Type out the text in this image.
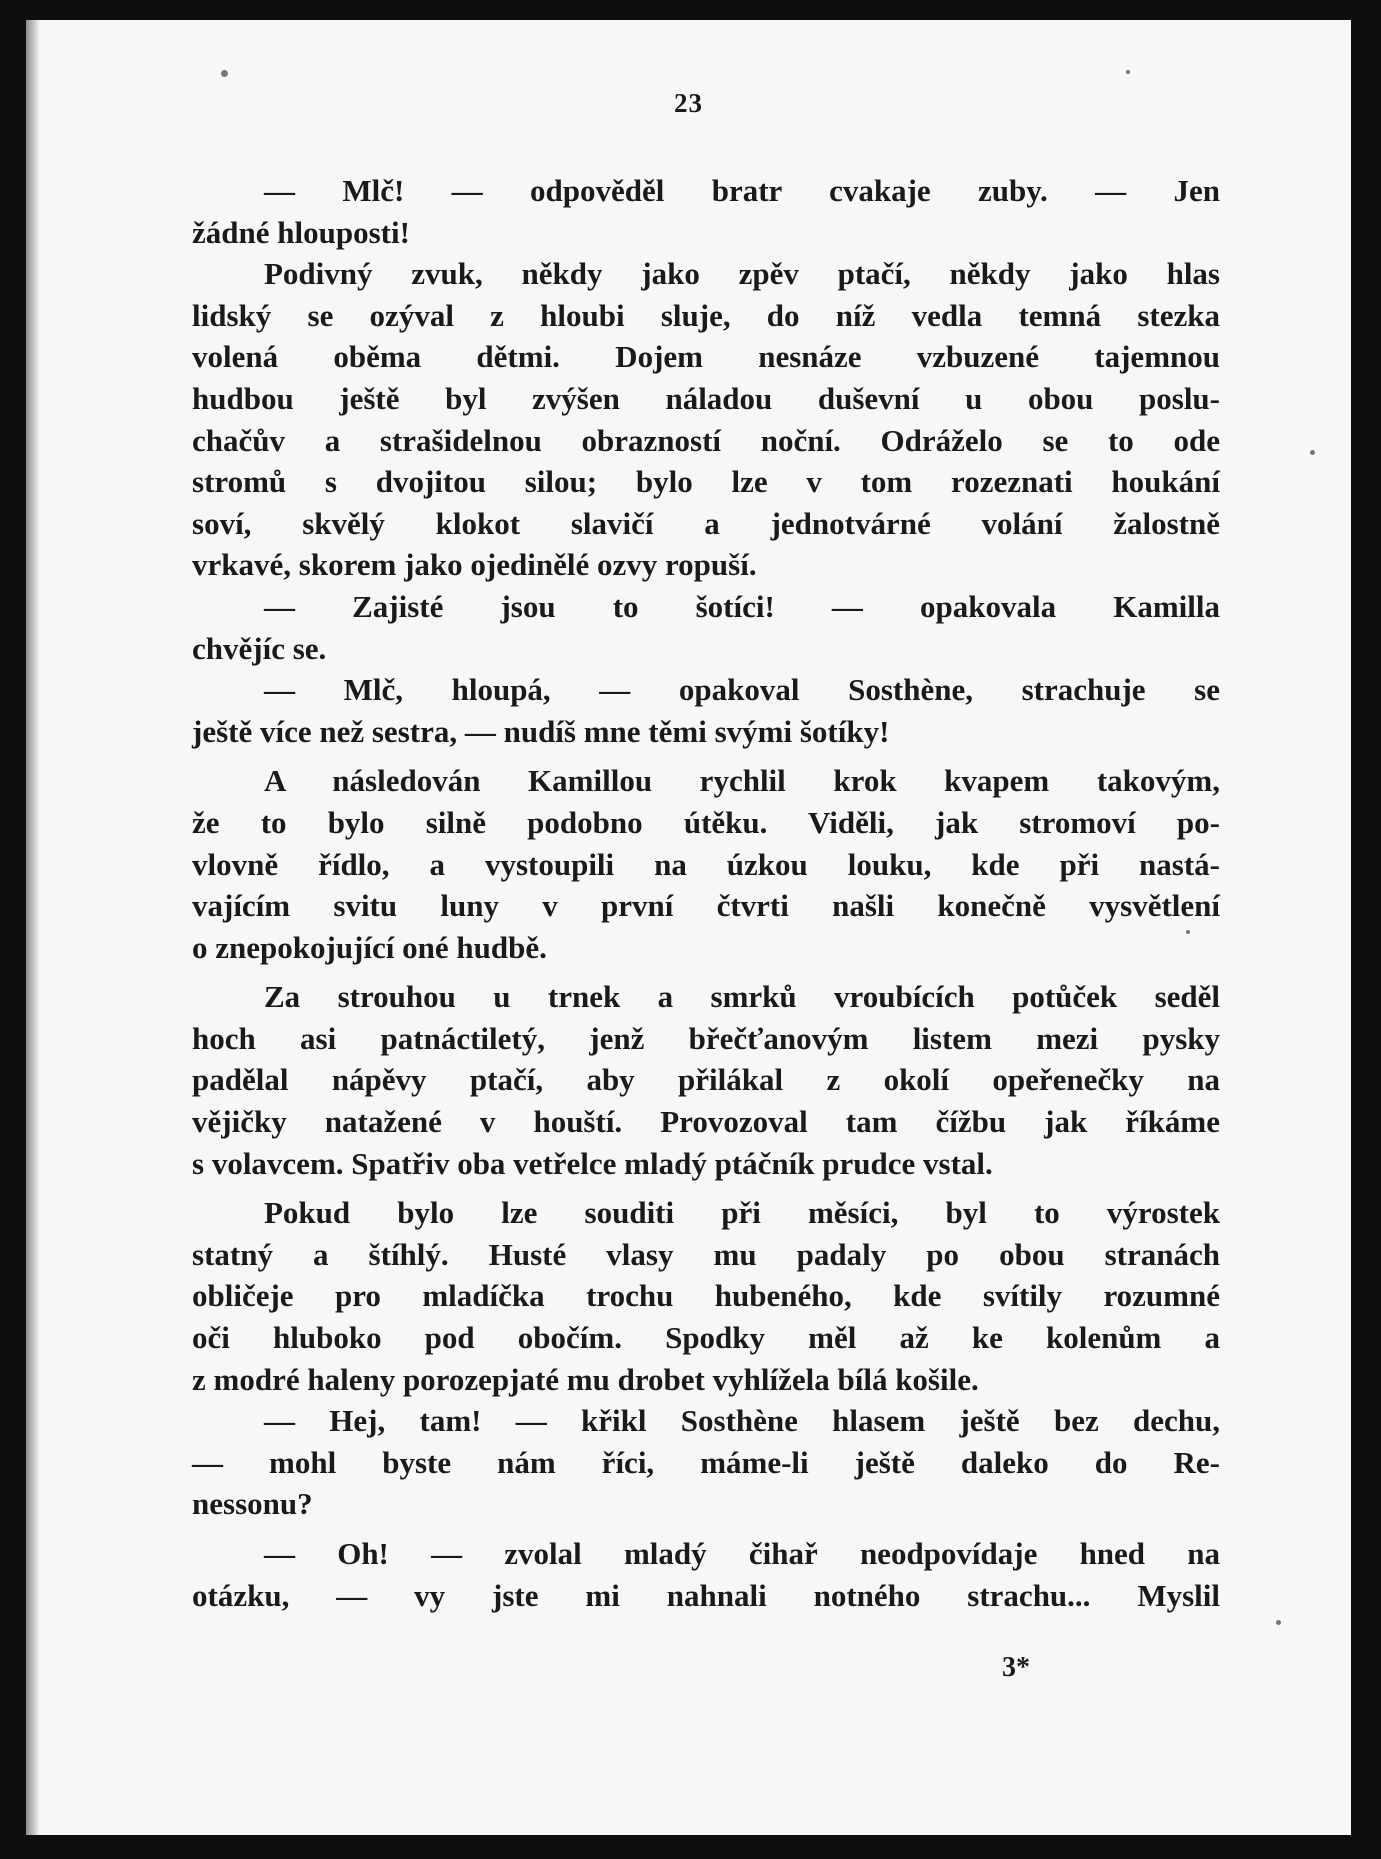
23
— Mlč! — odpověděl bratr cvakaje zuby. — Jen
žádné hlouposti!
Podivný zvuk, někdy jako zpěv ptačí, někdy jako hlas
lidský se ozýval z hloubi sluje, do níž vedla temná stezka
volená oběma dětmi. Dojem nesnáze vzbuzené tajemnou
hudbou ještě byl zvýšen náladou duševní u obou poslu-
chačův a strašidelnou obrazností noční. Odráželo se to ode
stromů s dvojitou silou; bylo lze v tom rozeznati houkání
soví, skvělý klokot slavičí a jednotvárné volání žalostně
vrkavé, skorem jako ojedinělé ozvy ropuší.
— Zajisté jsou to šotíci! — opakovala Kamilla
chvějíc se.
— Mlč, hloupá, — opakoval Sosthène, strachuje se
ještě více než sestra, — nudíš mne těmi svými šotíky!
A následován Kamillou rychlil krok kvapem takovým,
že to bylo silně podobno útěku. Viděli, jak stromoví po-
vlovně řídlo, a vystoupili na úzkou louku, kde při nastá-
vajícím svitu luny v první čtvrti našli konečně vysvětlení
o znepokojující oné hudbě.
Za strouhou u trnek a smrků vroubících potůček seděl
hoch asi patnáctiletý, jenž břečťanovým listem mezi pysky
padělal nápěvy ptačí, aby přilákal z okolí opeřenečky na
vějičky natažené v houští. Provozoval tam čížbu jak říkáme
s volavcem. Spatřiv oba vetřelce mladý ptáčník prudce vstal.
Pokud bylo lze souditi při měsíci, byl to výrostek
statný a štíhlý. Husté vlasy mu padaly po obou stranách
obličeje pro mladíčka trochu hubeného, kde svítily rozumné
oči hluboko pod obočím. Spodky měl až ke kolenům a
z modré haleny porozepjaté mu drobet vyhlížela bílá košile.
— Hej, tam! — křikl Sosthène hlasem ještě bez dechu,
— mohl byste nám říci, máme-li ještě daleko do Re-
nessonu?
— Oh! — zvolal mladý čihař neodpovídaje hned na
otázku, — vy jste mi nahnali notného strachu... Myslil
3*
